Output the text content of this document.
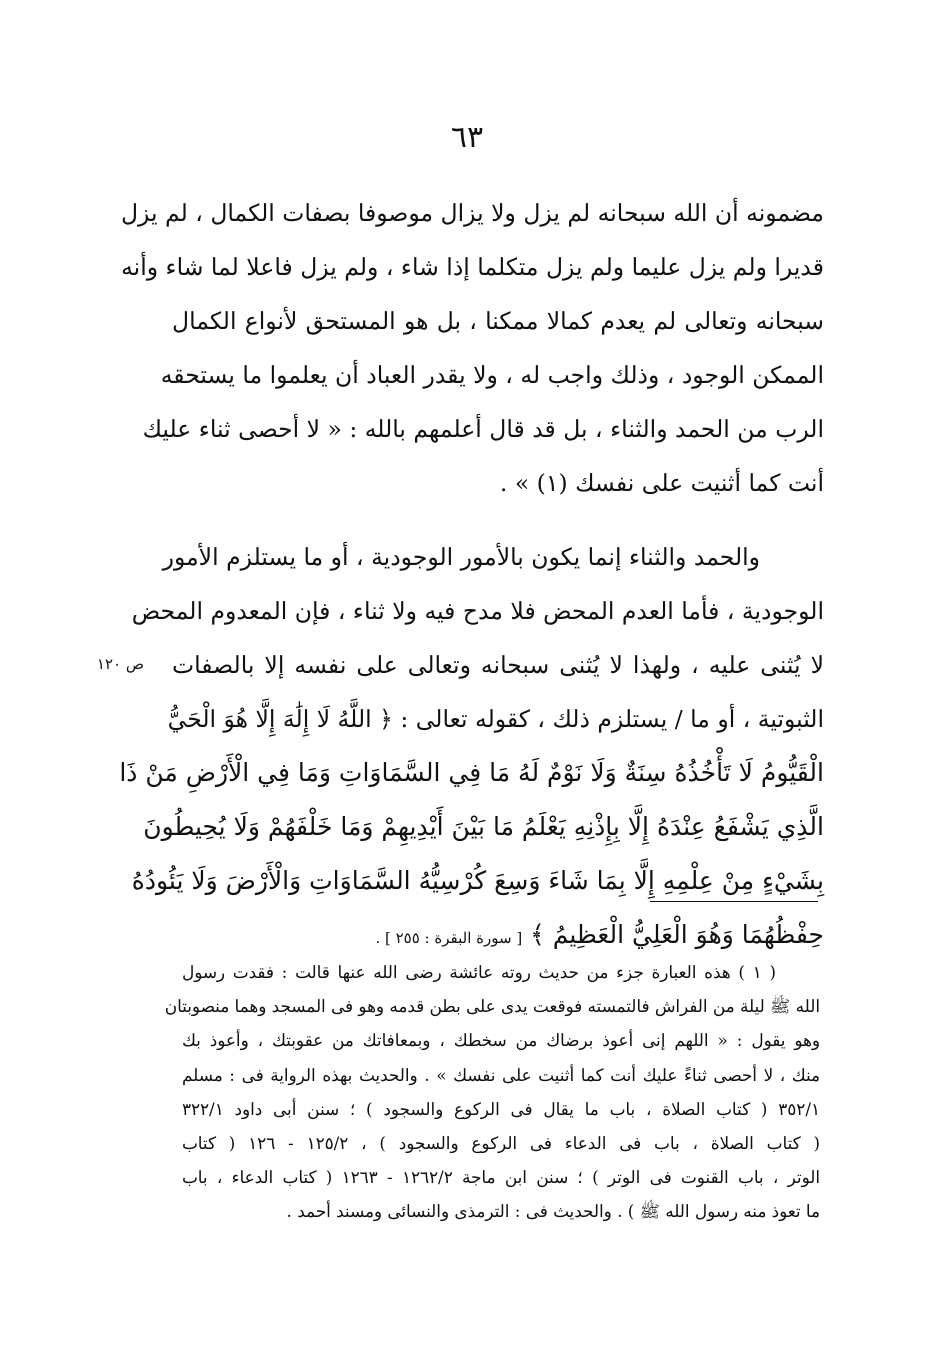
٦٣
ص ١٢٠
مضمونه أن الله سبحانه لم يزل ولا يزال موصوفا بصفات الكمال ، لم يزل
قديرا ولم يزل عليما ولم يزل متكلما إذا شاء ، ولم يزل فاعلا لما شاء وأنه
سبحانه وتعالى لم يعدم كمالا ممكنا ، بل هو المستحق لأنواع الكمال
الممكن الوجود ، وذلك واجب له ، ولا يقدر العباد أن يعلموا ما يستحقه
الرب من الحمد والثناء ، بل قد قال أعلمهم بالله : « لا أحصى ثناء عليك
أنت كما أثنيت على نفسك (١) » .
والحمد والثناء إنما يكون بالأمور الوجودية ، أو ما يستلزم الأمور
الوجودية ، فأما العدم المحض فلا مدح فيه ولا ثناء ، فإن المعدوم المحض
لا يُثنى عليه ، ولهذا لا يُثنى سبحانه وتعالى على نفسه إلا بالصفات
الثبوتية ، أو ما / يستلزم ذلك ، كقوله تعالى : ﴿ اللَّهُ لَا إِلَٰهَ إِلَّا هُوَ الْحَيُّ
الْقَيُّومُ لَا تَأْخُذُهُ سِنَةٌ وَلَا نَوْمٌ لَهُ مَا فِي السَّمَاوَاتِ وَمَا فِي الْأَرْضِ مَنْ ذَا
الَّذِي يَشْفَعُ عِنْدَهُ إِلَّا بِإِذْنِهِ يَعْلَمُ مَا بَيْنَ أَيْدِيهِمْ وَمَا خَلْفَهُمْ وَلَا يُحِيطُونَ
بِشَيْءٍ مِنْ عِلْمِهِ إِلَّا بِمَا شَاءَ وَسِعَ كُرْسِيُّهُ السَّمَاوَاتِ وَالْأَرْضَ وَلَا يَئُودُهُ
حِفْظُهُمَا وَهُوَ الْعَلِيُّ الْعَظِيمُ ﴾ [ سورة البقرة : ٢٥٥ ] .
( ١ ) هذه العبارة جزء من حديث روته عائشة رضى الله عنها قالت : فقدت رسول
الله ﷺ ليلة من الفراش فالتمسته فوقعت يدى على بطن قدمه وهو فى المسجد وهما منصوبتان
وهو يقول : « اللهم إنى أعوذ برضاك من سخطك ، وبمعافاتك من عقوبتك ، وأعوذ بك
منك ، لا أحصى ثناءً عليك أنت كما أثنيت على نفسك » . والحديث بهذه الرواية فى : مسلم
٣٥٢/١ ( كتاب الصلاة ، باب ما يقال فى الركوع والسجود ) ؛ سنن أبى داود ٣٢٢/١
( كتاب الصلاة ، باب فى الدعاء فى الركوع والسجود ) ، ١٢٥/٢ - ١٢٦ ( كتاب
الوتر ، باب القنوت فى الوتر ) ؛ سنن ابن ماجة ١٢٦٢/٢ - ١٢٦٣ ( كتاب الدعاء ، باب
ما تعوذ منه رسول الله ﷺ ) . والحديث فى : الترمذى والنسائى ومسند أحمد .
